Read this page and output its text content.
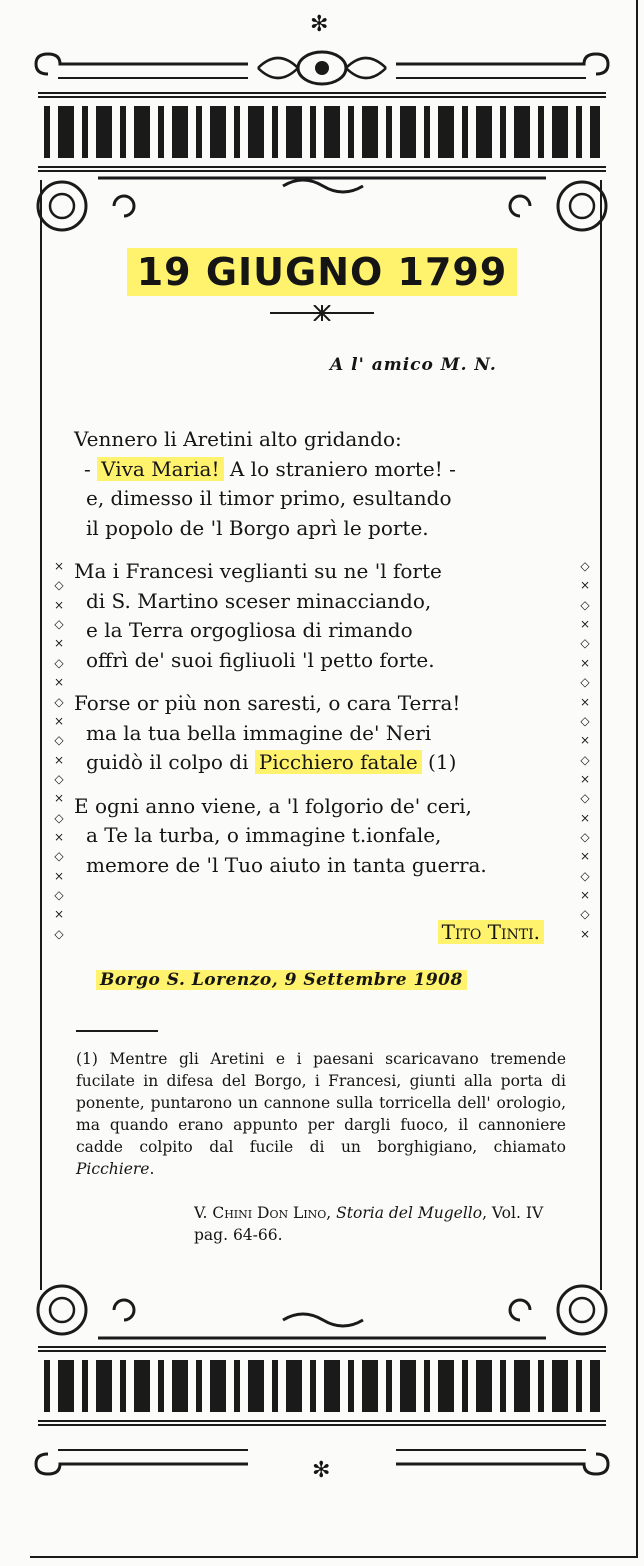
✻
×
◇
×
◇
×
◇
×
◇
×
◇
×
◇
×
◇
×
◇
×
◇
×
◇
◇
×
◇
×
◇
×
◇
×
◇
×
◇
×
◇
×
◇
×
◇
×
◇
×
19 GIUGNO 1799
A l' amico M. N.
Vennero li Aretini alto gridando:
- Viva Maria! A lo straniero morte! -
e, dimesso il timor primo, esultando
il popolo de 'l Borgo aprì le porte.
Ma i Francesi veglianti su ne 'l forte
di S. Martino sceser minacciando,
e la Terra orgogliosa di rimando
offrì de' suoi figliuoli 'l petto forte.
Forse or più non saresti, o cara Terra!
ma la tua bella immagine de' Neri
guidò il colpo di Picchiero fatale (1)
E ogni anno viene, a 'l folgorio de' ceri,
a Te la turba, o immagine t.ionfale,
memore de 'l Tuo aiuto in tanta guerra.
Tito Tinti.
Borgo S. Lorenzo, 9 Settembre 1908
(1) Mentre gli Aretini e i paesani scaricavano tremende fucilate in difesa del Borgo, i Francesi, giunti alla porta di ponente, puntarono un cannone sulla torricella dell' orologio, ma quando erano appunto per dargli fuoco, il cannoniere cadde colpito dal fucile di un borghigiano, chiamato Picchiere.
V. Chini Don Lino, Storia del Mugello, Vol. IV pag. 64-66.
✻
